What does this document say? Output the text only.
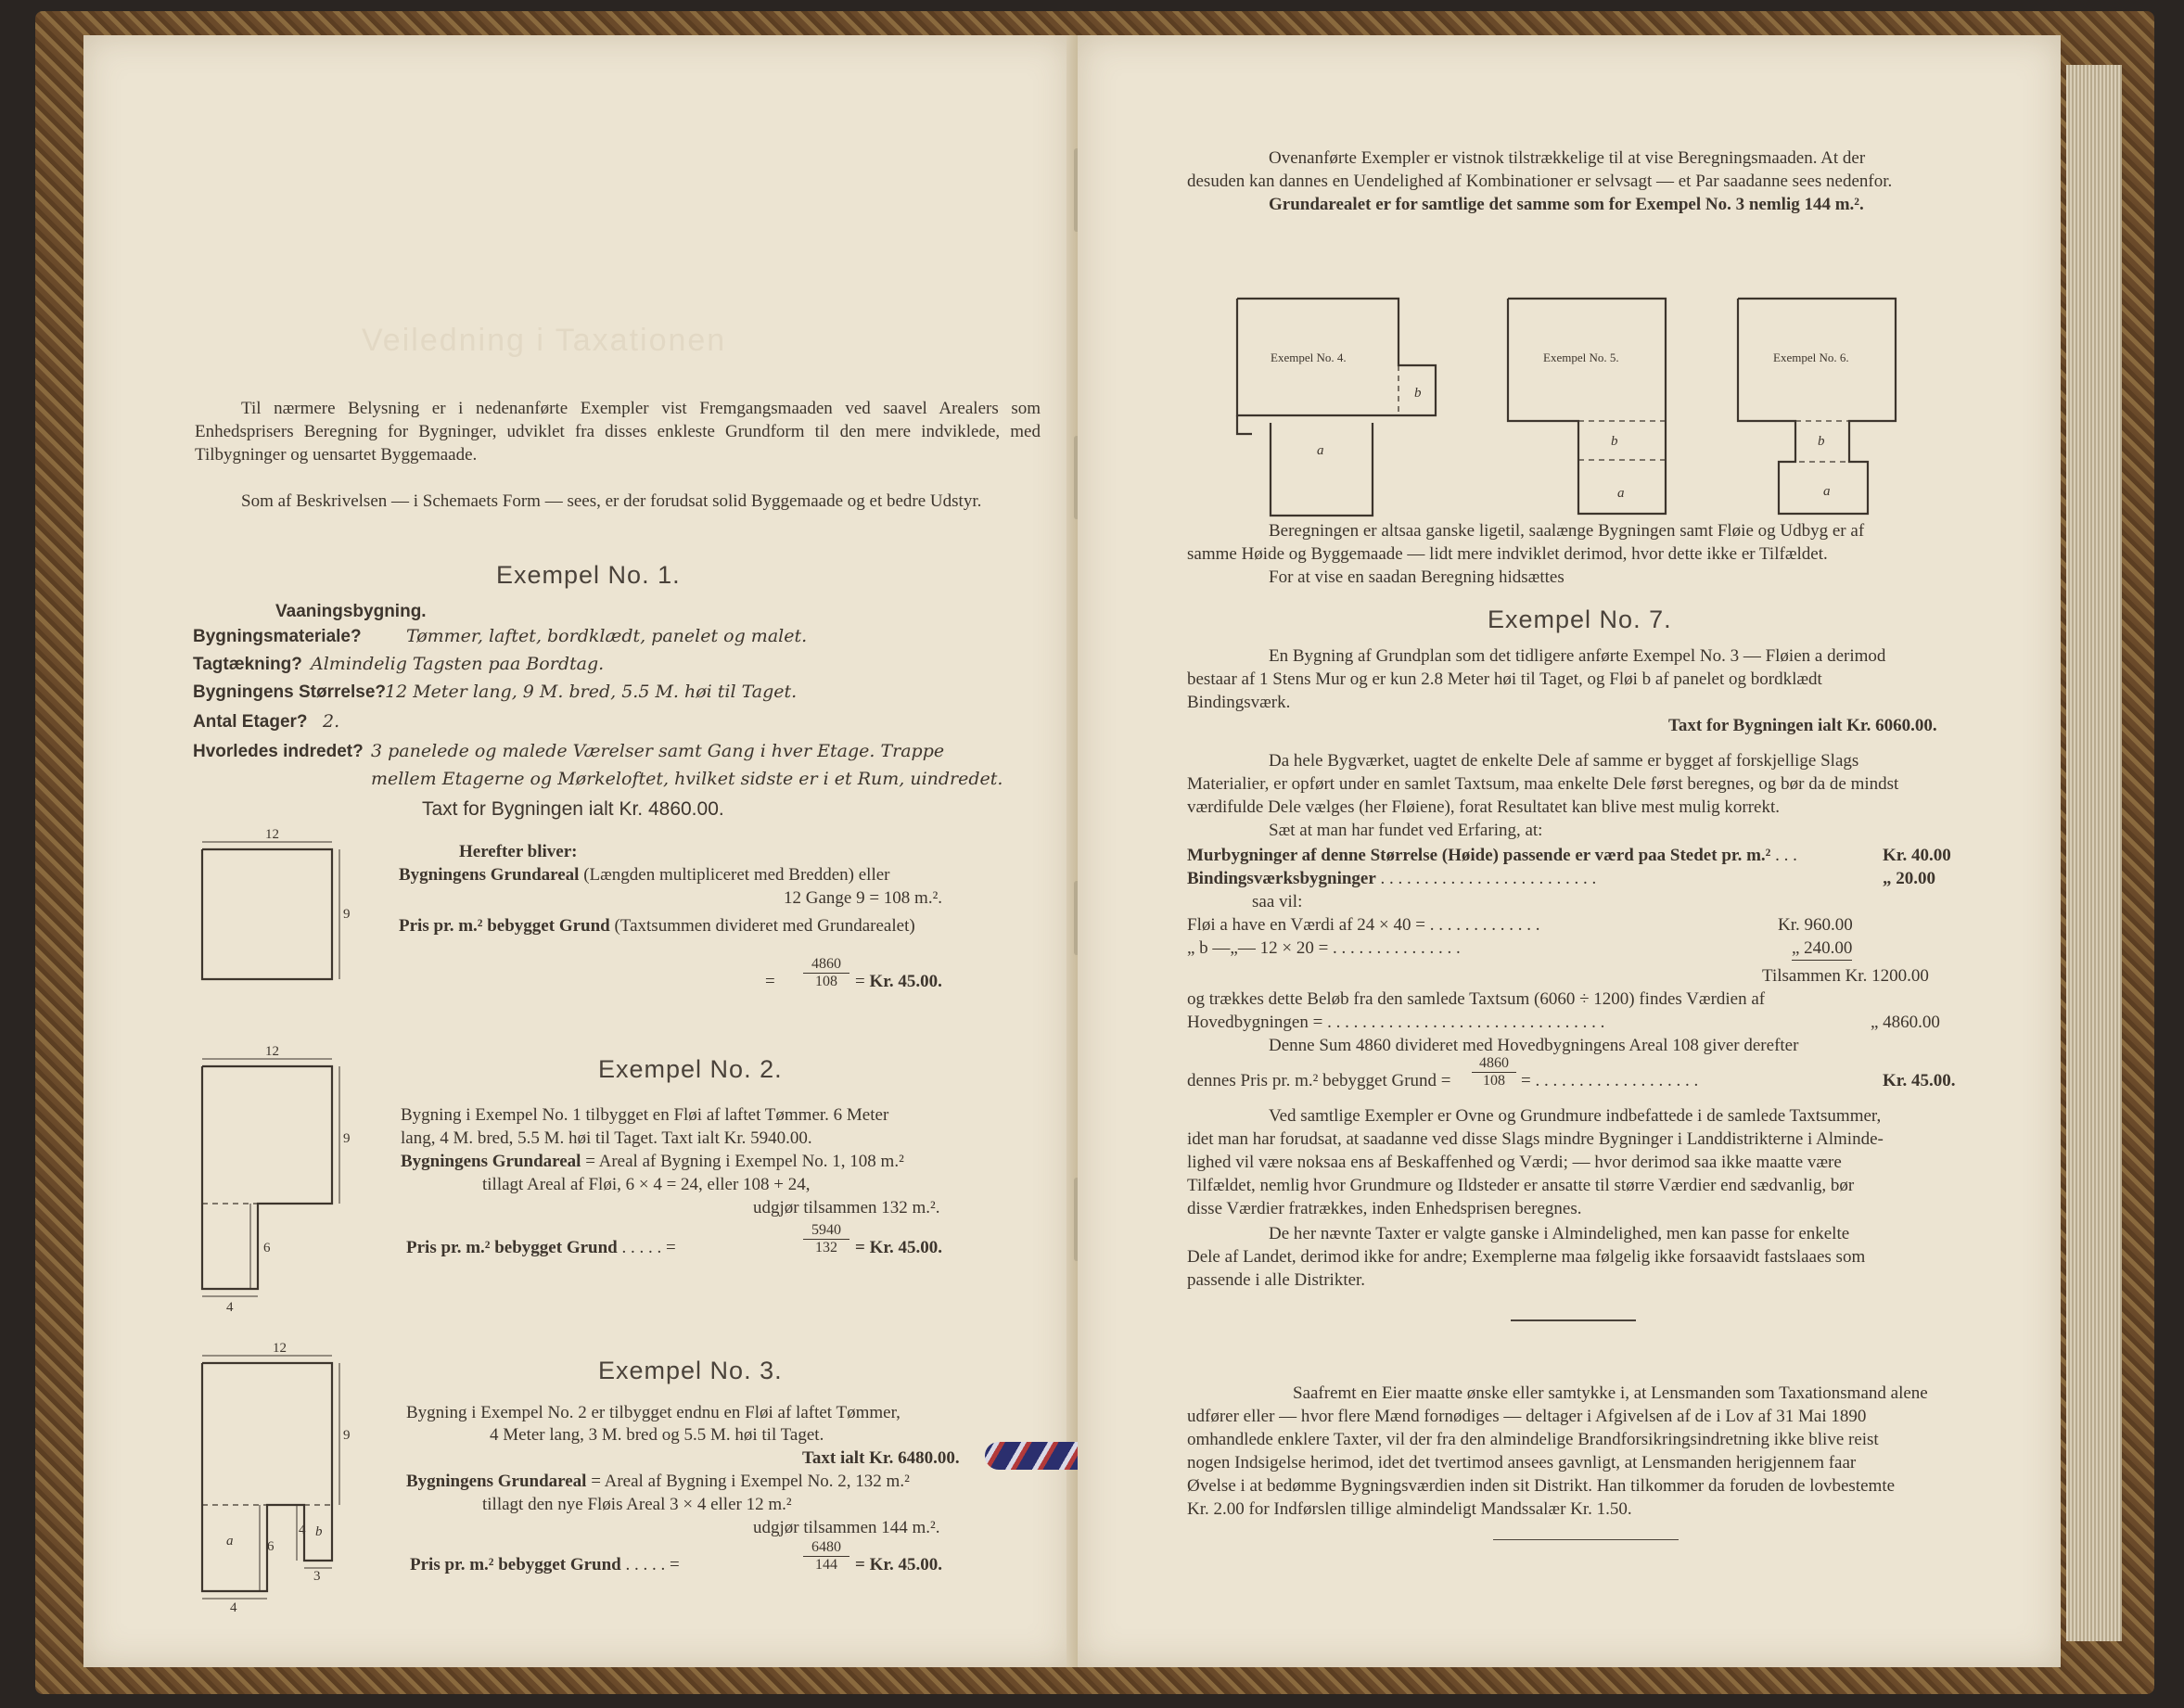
Veiledning i Taxationen
Til nærmere Belysning er i nedenanførte Exempler vist Fremgangsmaaden ved saavel Arealers som Enhedsprisers Beregning for Bygninger, udviklet fra disses enkleste Grundform til den mere indviklede, med Tilbygninger og uensartet Byggemaade.
Som af Beskrivelsen — i Schemaets Form — sees, er der forudsat solid Byggemaade og et bedre Udstyr.
Exempel No. 1.
Vaaningsbygning.
Bygningsmateriale?	Tømmer, laftet, bordklædt, panelet og malet.
Tagtækning? Almindelig Tagsten paa Bordtag.
Bygningens Størrelse? 12 Meter lang, 9 M. bred, 5.5 M. høi til Taget.
Antal Etager? 2.
Hvorledes indredet? 3 panelede og malede Værelser samt Gang i hver Etage. Trappe
mellem Etagerne og Mørkeloftet, hvilket sidste er i et Rum, uindredet.
Taxt for Bygningen ialt Kr. 4860.00.
12
9
Herefter bliver:
Bygningens Grundareal (Længden multipliceret med Bredden) eller
12 Gange 9 = 108 m.².
Pris pr. m.² bebygget Grund (Taxtsummen divideret med Grundarealet)
= $\frac{4860}{108} = Kr$. 45.00.
Exempel No. 2.
12
9
6
4
Bygning i Exempel No. 1 tilbygget en Fløi af laftet Tømmer. 6 Meter
lang, 4 M. bred, 5.5 M. høi til Taget. Taxt ialt Kr. 5940.00.
Bygningens Grundareal = Areal af Bygning i Exempel No. 1, 108 m.²
tillagt Areal af Fløi, 6 × 4 = 24, eller 108 + 24,
udgjør tilsammen 132 m.².
Pris pr. m.² bebygget Grund . . . . . =	$\frac{5940}{132} = Kr$. 45.00.
Exempel No. 3.
12
9
a
b
6
4
3
4
Bygning i Exempel No. 2 er tilbygget endnu en Fløi af laftet Tømmer,
4 Meter lang, 3 M. bred og 5.5 M. høi til Taget.
Taxt ialt Kr. 6480.00.
Bygningens Grundareal = Areal af Bygning i Exempel No. 2, 132 m.²
tillagt den nye Fløis Areal 3 × 4 eller 12 m.²
udgjør tilsammen 144 m.².
Pris pr. m.² bebygget Grund . . . . . =	$\frac{6480}{144} = Kr$. 45.00.
Ovenanførte Exempler er vistnok tilstrækkelige til at vise Beregningsmaaden. At der
desuden kan dannes en Uendelighed af Kombinationer er selvsagt — et Par saadanne sees nedenfor.
Grundarealet er for samtlige det samme som for Exempel No. 3 nemlig 144 m.².
Exempel No. 4.
b
a
Exempel No. 5.
b
a
Exempel No. 6.
b
a
Beregningen er altsaa ganske ligetil, saalænge Bygningen samt Fløie og Udbyg er af
samme Høide og Byggemaade — lidt mere indviklet derimod, hvor dette ikke er Tilfældet.
For at vise en saadan Beregning hidsættes
Exempel No. 7.
En Bygning af Grundplan som det tidligere anførte Exempel No. 3 — Fløien a derimod
bestaar af 1 Stens Mur og er kun 2.8 Meter høi til Taget, og Fløi b af panelet og bordklædt
Bindingsværk.
Taxt for Bygningen ialt Kr. 6060.00.
Da hele Bygværket, uagtet de enkelte Dele af samme er bygget af forskjellige Slags
Materialier, er opført under en samlet Taxtsum, maa enkelte Dele først beregnes, og bør da de mindst
værdifulde Dele vælges (her Fløiene), forat Resultatet kan blive mest mulig korrekt.
Sæt at man har fundet ved Erfaring, at:
Murbygninger af denne Størrelse (Høide) passende er værd paa Stedet pr. m.² . . .	Kr. 40.00
Bindingsværksbygninger . . . . . . . . . . . . . . . . . . . . . . . . .	„ 20.00
saa vil:
Fløi a have en Værdi af 24 × 40 = . . . . . . . . . . . . .	Kr. 960.00
„ b —„— 12 × 20 = . . . . . . . . . . . . . . .	„ 240.00
Tilsammen Kr. 1200.00
og trækkes dette Beløb fra den samlede Taxtsum (6060 ÷ 1200) findes Værdien af
Hovedbygningen = . . . . . . . . . . . . . . . . . . . . . . . . . . . . . . . .	„ 4860.00
Denne Sum 4860 divideret med Hovedbygningens Areal 108 giver derefter
dennes Pris pr. m.² bebygget Grund = $\frac{4860}{108}$ = . . . . . . . . . . . . . . . . . . .	Kr. 45.00.
Ved samtlige Exempler er Ovne og Grundmure indbefattede i de samlede Taxtsummer,
idet man har forudsat, at saadanne ved disse Slags mindre Bygninger i Landdistrikterne i Alminde-
lighed vil være noksaa ens af Beskaffenhed og Værdi; — hvor derimod saa ikke maatte være
Tilfældet, nemlig hvor Grundmure og Ildsteder er ansatte til større Værdier end sædvanlig, bør
disse Værdier fratrækkes, inden Enhedsprisen beregnes.
De her nævnte Taxter er valgte ganske i Almindelighed, men kan passe for enkelte
Dele af Landet, derimod ikke for andre; Exemplerne maa følgelig ikke forsaavidt fastslaaes som
passende i alle Distrikter.
Saafremt en Eier maatte ønske eller samtykke i, at Lensmanden som Taxationsmand alene
udfører eller — hvor flere Mænd fornødiges — deltager i Afgivelsen af de i Lov af 31 Mai 1890
omhandlede enklere Taxter, vil der fra den almindelige Brandforsikringsindretning ikke blive reist
nogen Indsigelse herimod, idet det tvertimod ansees gavnligt, at Lensmanden herigjennem faar
Øvelse i at bedømme Bygningsværdien inden sit Distrikt. Han tilkommer da foruden de lovbestemte
Kr. 2.00 for Indførslen tillige almindeligt Mandssalær Kr. 1.50.
